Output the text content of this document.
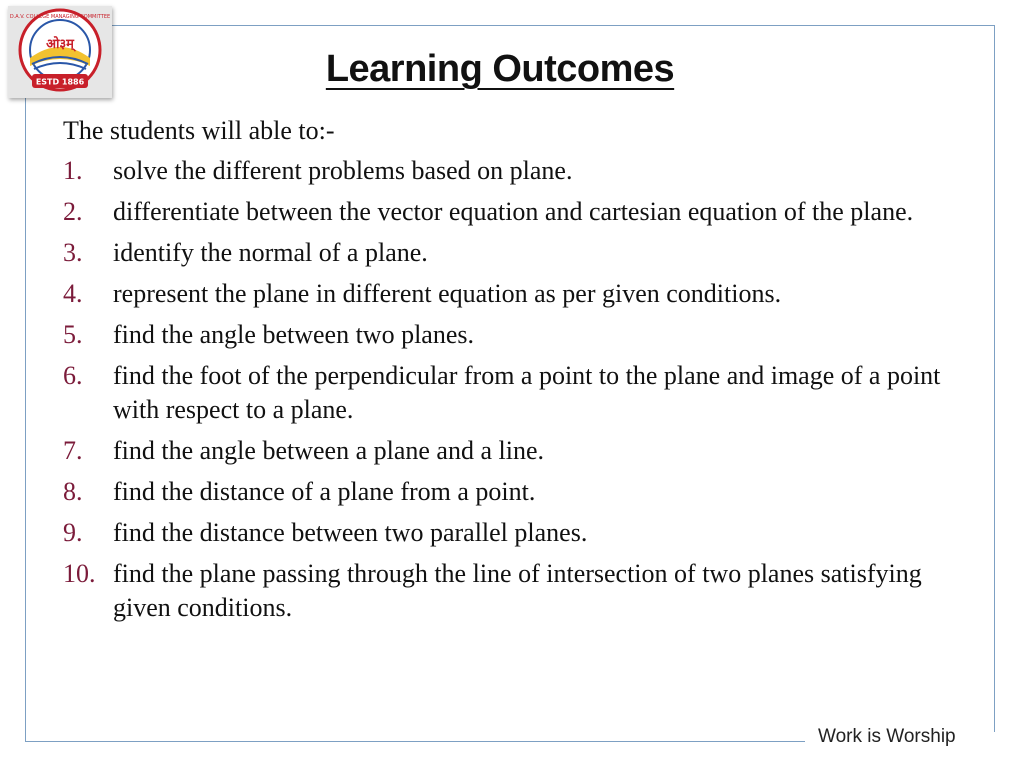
ओ३म्
ESTD 1886
D.A.V. COLLEGE MANAGING COMMITTEE
Learning Outcomes
The students will able to:-
1. solve the different problems based on plane.
2. differentiate between the vector equation and cartesian equation of the plane.
3. identify the normal of a plane.
4. represent the plane in different equation as per given conditions.
5. find the angle between two planes.
6. find the foot of the perpendicular from a point to the plane and image of a point with respect to a plane.
7. find the angle between a plane and a line.
8. find the distance of a plane from a point.
9. find the distance between two parallel planes.
10. find the plane passing through the line of intersection of two planes satisfying given conditions.
Work is Worship
